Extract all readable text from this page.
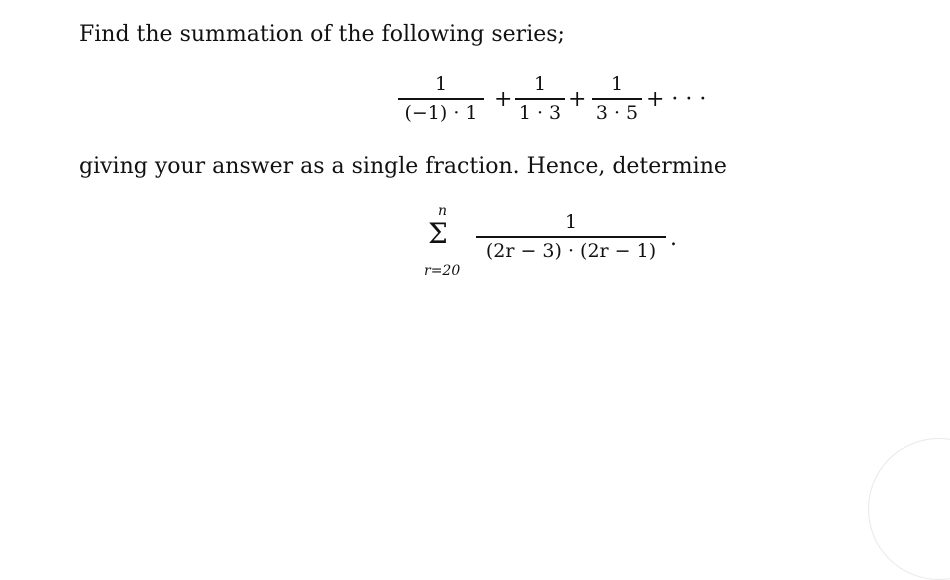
Find the summation of the following series;
1
(−1) · 1
+
1
1 · 3
+
1
3 · 5
+ · · ·
giving your answer as a single fraction. Hence, determine
n
Σ
r=20
1
(2r − 3) · (2r − 1) .
